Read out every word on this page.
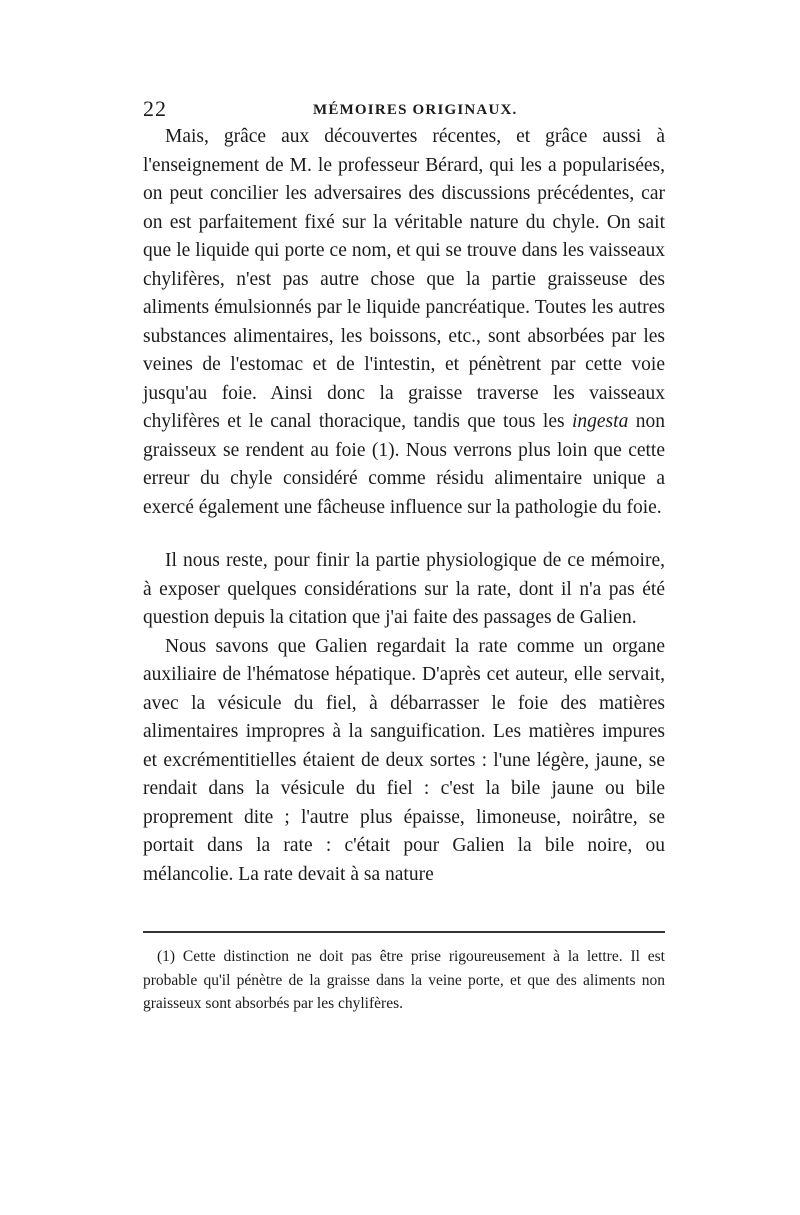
22	MÉMOIRES ORIGINAUX.

Mais, grâce aux découvertes récentes, et grâce aussi à l'enseignement de M. le professeur Bérard, qui les a popularisées, on peut concilier les adversaires des discussions précédentes, car on est parfaitement fixé sur la véritable nature du chyle. On sait que le liquide qui porte ce nom, et qui se trouve dans les vaisseaux chylifères, n'est pas autre chose que la partie graisseuse des aliments émulsionnés par le liquide pancréatique. Toutes les autres substances alimentaires, les boissons, etc., sont absorbées par les veines de l'estomac et de l'intestin, et pénètrent par cette voie jusqu'au foie. Ainsi donc la graisse traverse les vaisseaux chylifères et le canal thoracique, tandis que tous les ingesta non graisseux se rendent au foie (1). Nous verrons plus loin que cette erreur du chyle considéré comme résidu alimentaire unique a exercé également une fâcheuse influence sur la pathologie du foie.

Il nous reste, pour finir la partie physiologique de ce mémoire, à exposer quelques considérations sur la rate, dont il n'a pas été question depuis la citation que j'ai faite des passages de Galien.

Nous savons que Galien regardait la rate comme un organe auxiliaire de l'hématose hépatique. D'après cet auteur, elle servait, avec la vésicule du fiel, à débarrasser le foie des matières alimentaires impropres à la sanguification. Les matières impures et excrémentitielles étaient de deux sortes : l'une légère, jaune, se rendait dans la vésicule du fiel : c'est la bile jaune ou bile proprement dite ; l'autre plus épaisse, limoneuse, noirâtre, se portait dans la rate : c'était pour Galien la bile noire, ou mélancolie. La rate devait à sa nature

(1) Cette distinction ne doit pas être prise rigoureusement à la lettre. Il est probable qu'il pénètre de la graisse dans la veine porte, et que des aliments non graisseux sont absorbés par les chylifères.
